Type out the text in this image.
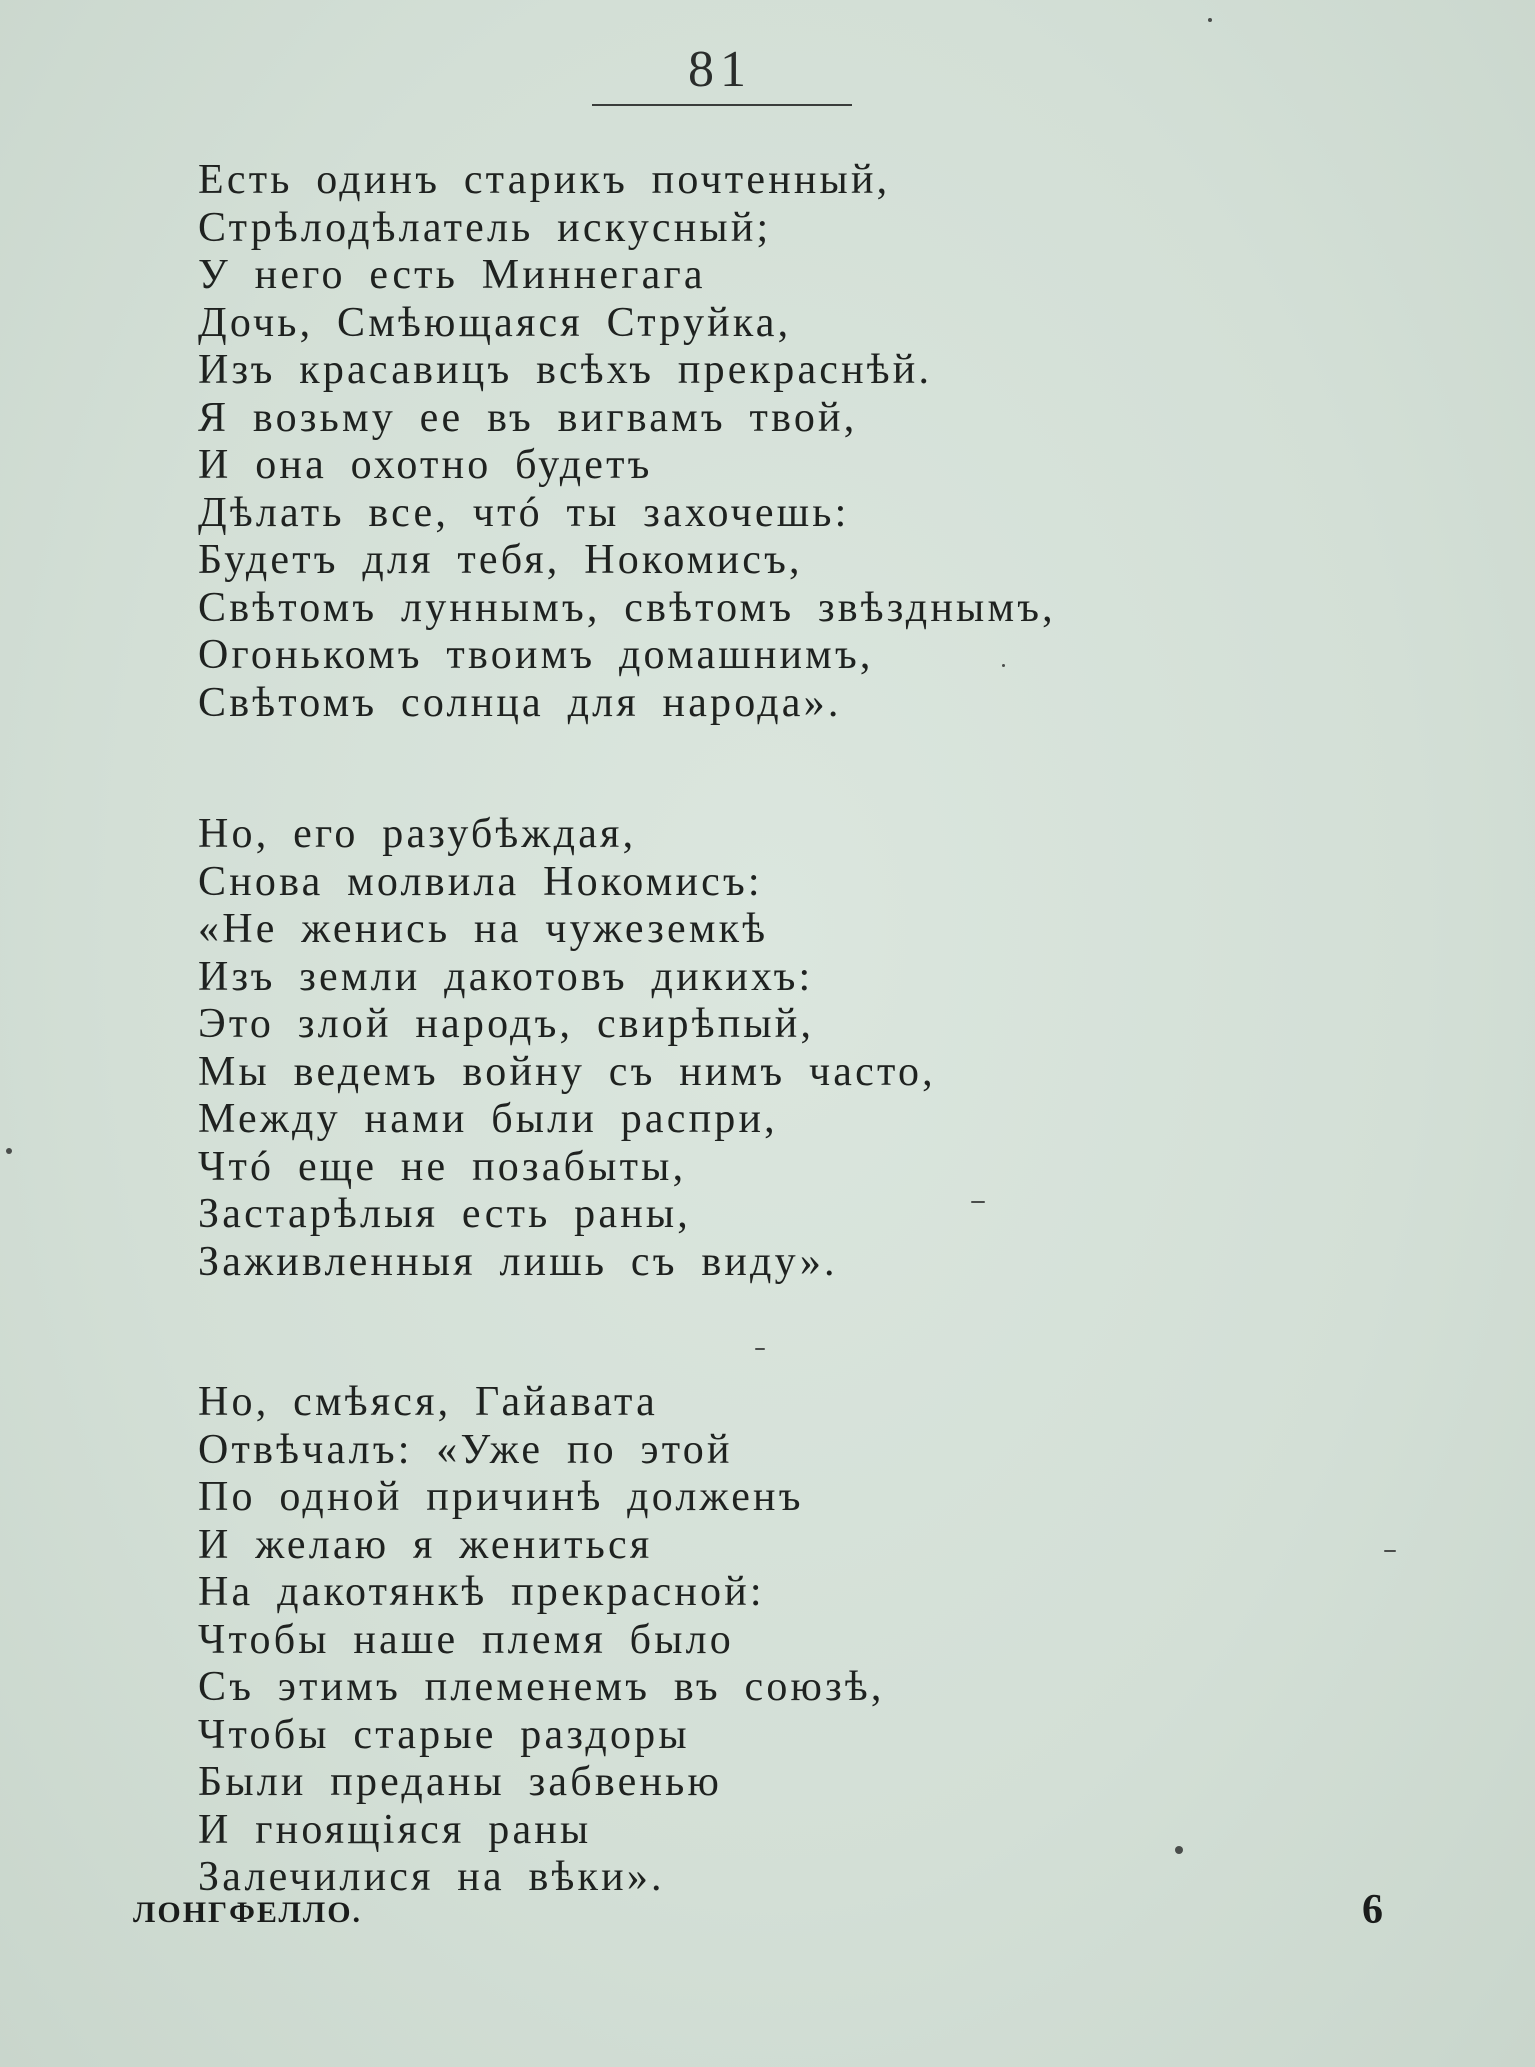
81
Есть одинъ старикъ почтенный,
Стрѣлодѣлатель искусный;
У него есть Миннегага
Дочь, Смѣющаяся Струйка,
Изъ красавицъ всѣхъ прекраснѣй.
Я возьму ее въ вигвамъ твой,
И она охотно будетъ
Дѣлать все, чтó ты захочешь:
Будетъ для тебя, Нокомисъ,
Свѣтомъ луннымъ, свѣтомъ звѣзднымъ,
Огонькомъ твоимъ домашнимъ,
Свѣтомъ солнца для народа».
Но, его разубѣждая,
Снова молвила Нокомисъ:
«Не женись на чужеземкѣ
Изъ земли дакотовъ дикихъ:
Это злой народъ, свирѣпый,
Мы ведемъ войну съ нимъ часто,
Между нами были распри,
Чтó еще не позабыты,
Застарѣлыя есть раны,
Заживленныя лишь съ виду».
Но, смѣяся, Гайавата
Отвѣчалъ: «Уже по этой
По одной причинѣ долженъ
И желаю я жениться
На дакотянкѣ прекрасной:
Чтобы наше племя было
Съ этимъ племенемъ въ союзѣ,
Чтобы старые раздоры
Были преданы забвенью
И гноящіяся раны
Залечилися на вѣки».
ЛОНГФЕЛЛО.	6
